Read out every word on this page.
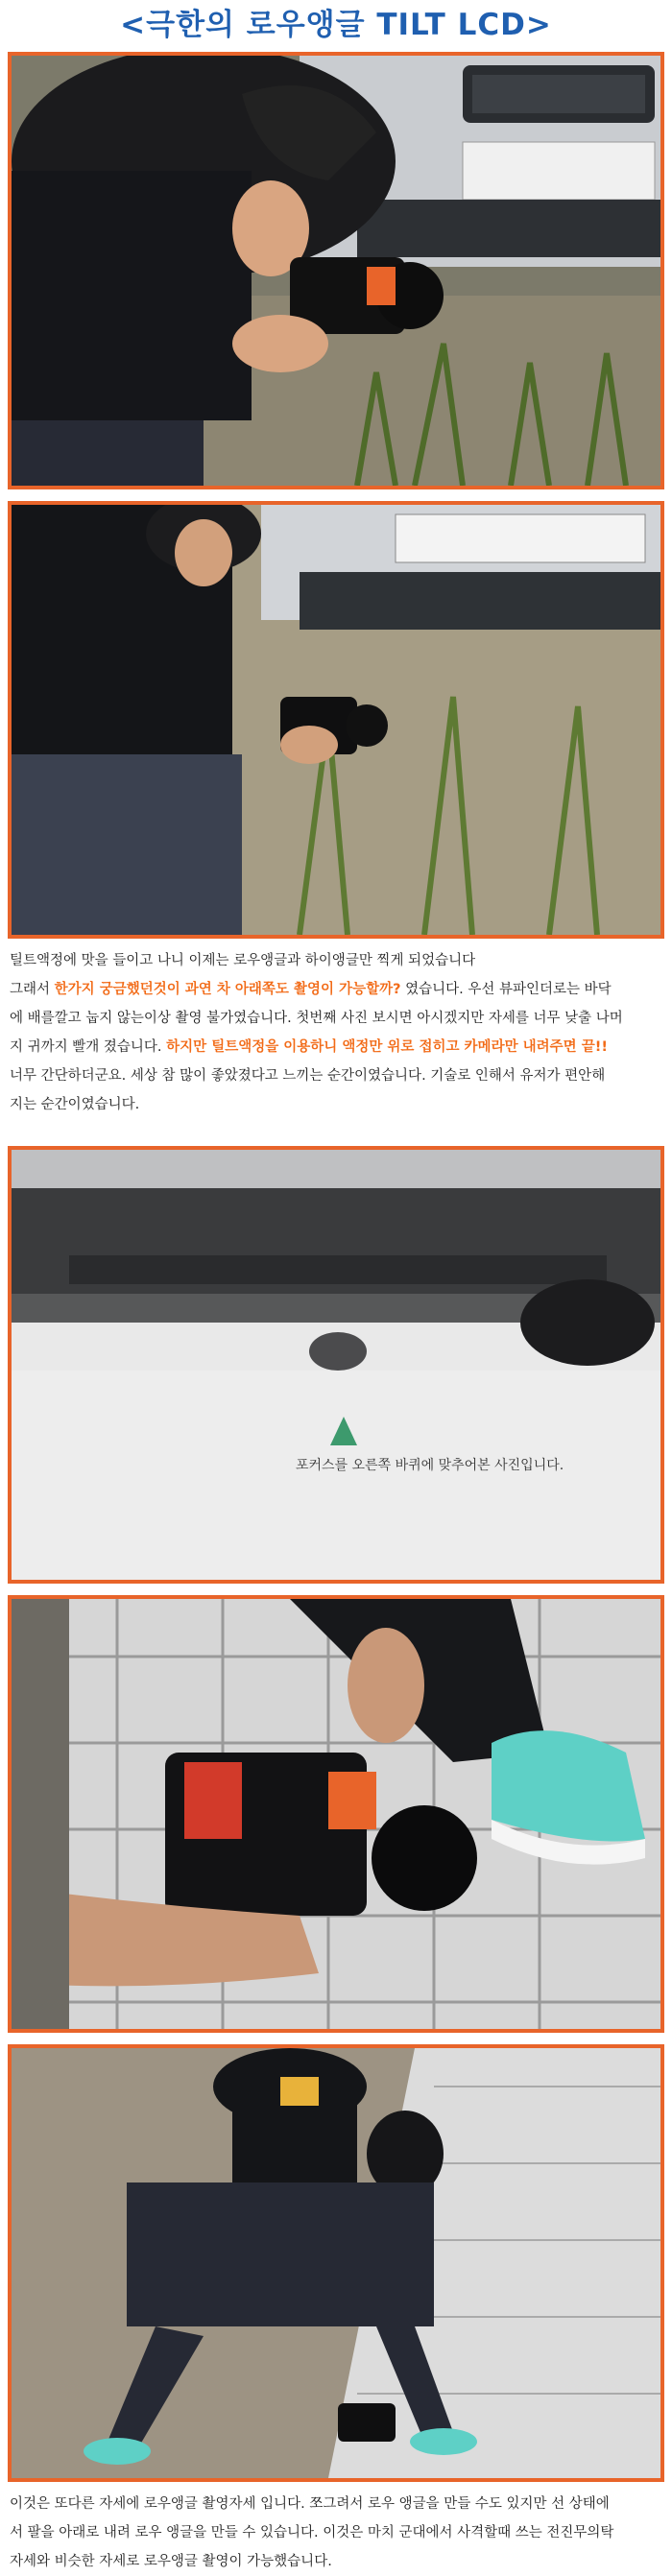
<극한의 로우앵글 TILT LCD>
틸트액정에 맛을 들이고 나니 이제는 로우앵글과 하이앵글만 찍게 되었습니다
그래서 한가지 궁금했던것이 과연 차 아래쪽도 촬영이 가능할까? 였습니다. 우선 뷰파인더로는 바닥
에 배를깔고 눕지 않는이상 촬영 불가였습니다. 첫번째 사진 보시면 아시겠지만 자세를 너무 낮출 나머
지 귀까지 빨개 졌습니다. 하지만 틸트액정을 이용하니 액정만 위로 접히고 카메라만 내려주면 끝!!
너무 간단하더군요. 세상 참 많이 좋았졌다고 느끼는 순간이였습니다. 기술로 인해서 유저가 편안해
지는 순간이였습니다.
포커스를 오른쪽 바퀴에 맞추어본 사진입니다.
이것은 또다른 자세에 로우앵글 촬영자세 입니다. 쪼그려서 로우 앵글을 만들 수도 있지만 선 상태에
서 팔을 아래로 내려 로우 앵글을 만들 수 있습니다. 이것은 마치 군대에서 사격할때 쓰는 전진무의탁
자세와 비슷한 자세로 로우앵글 촬영이 가능했습니다.
